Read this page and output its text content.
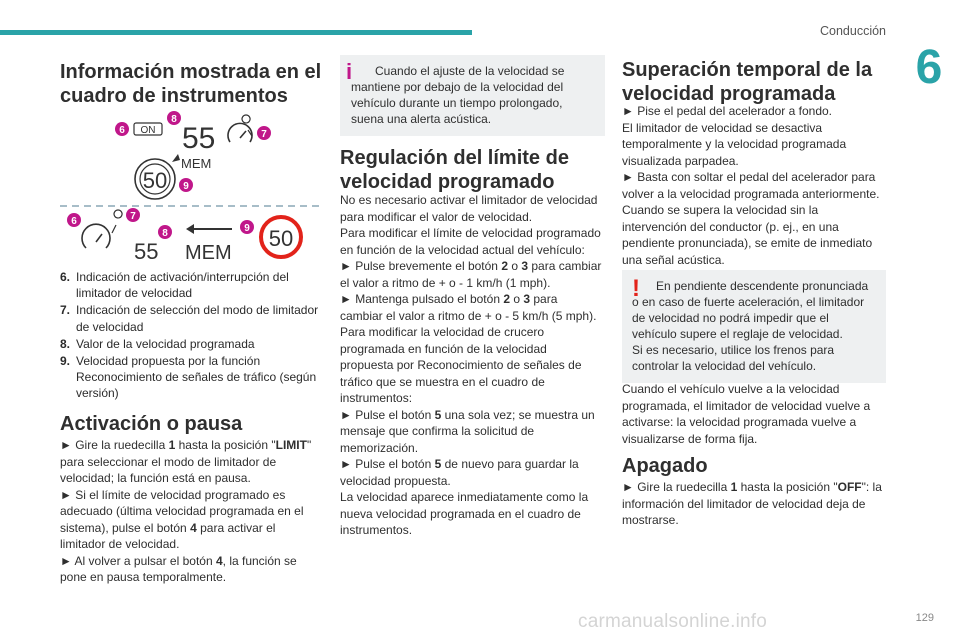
Conducción
6
Información mostrada en el cuadro de instrumentos
ON 55
MEM
50
6
8
7
9
55 MEM
50
6	7
8	9
6. Indicación de activación/interrupción del limitador de velocidad
7. Indicación de selección del modo de limitador de velocidad
8. Valor de la velocidad programada
9. Velocidad propuesta por la función Reconocimiento de señales de tráfico (según versión)
Activación o pausa

► Gire la ruedecilla 1 hasta la posición "LIMIT" para seleccionar el modo de limitador de velocidad; la función está en pausa.

► Si el límite de velocidad programado es adecuado (última velocidad programada en el sistema), pulse el botón 4 para activar el limitador de velocidad.

► Al volver a pulsar el botón 4, la función se pone en pausa temporalmente.

i	Cuando el ajuste de la velocidad se mantiene por debajo de la velocidad del vehículo durante un tiempo prolongado, suena una alerta acústica.

Regulación del límite de velocidad programado

No es necesario activar el limitador de velocidad para modificar el valor de velocidad.

Para modificar el límite de velocidad programado en función de la velocidad actual del vehículo:

► Pulse brevemente el botón 2 o 3 para cambiar el valor a ritmo de + o - 1 km/h (1 mph).

► Mantenga pulsado el botón 2 o 3 para cambiar el valor a ritmo de + o - 5 km/h (5 mph).

Para modificar la velocidad de crucero programada en función de la velocidad propuesta por Reconocimiento de señales de tráfico que se muestra en el cuadro de instrumentos:

► Pulse el botón 5 una sola vez; se muestra un mensaje que confirma la solicitud de memorización.

► Pulse el botón 5 de nuevo para guardar la velocidad propuesta.

La velocidad aparece inmediatamente como la nueva velocidad programada en el cuadro de instrumentos.

Superación temporal de la velocidad programada

► Pise el pedal del acelerador a fondo.

El limitador de velocidad se desactiva temporalmente y la velocidad programada visualizada parpadea.

► Basta con soltar el pedal del acelerador para volver a la velocidad programada anteriormente.

Cuando se supera la velocidad sin la intervención del conductor (p. ej., en una pendiente pronunciada), se emite de inmediato una señal acústica.

!	En pendiente descendente pronunciada o en caso de fuerte aceleración, el limitador de velocidad no podrá impedir que el vehículo supere el reglaje de velocidad.

Si es necesario, utilice los frenos para controlar la velocidad del vehículo.

Cuando el vehículo vuelve a la velocidad programada, el limitador de velocidad vuelve a activarse: la velocidad programada vuelve a visualizarse de forma fija.

Apagado

► Gire la ruedecilla 1 hasta la posición "OFF": la información del limitador de velocidad deja de mostrarse.

carmanualsonline.info	129
